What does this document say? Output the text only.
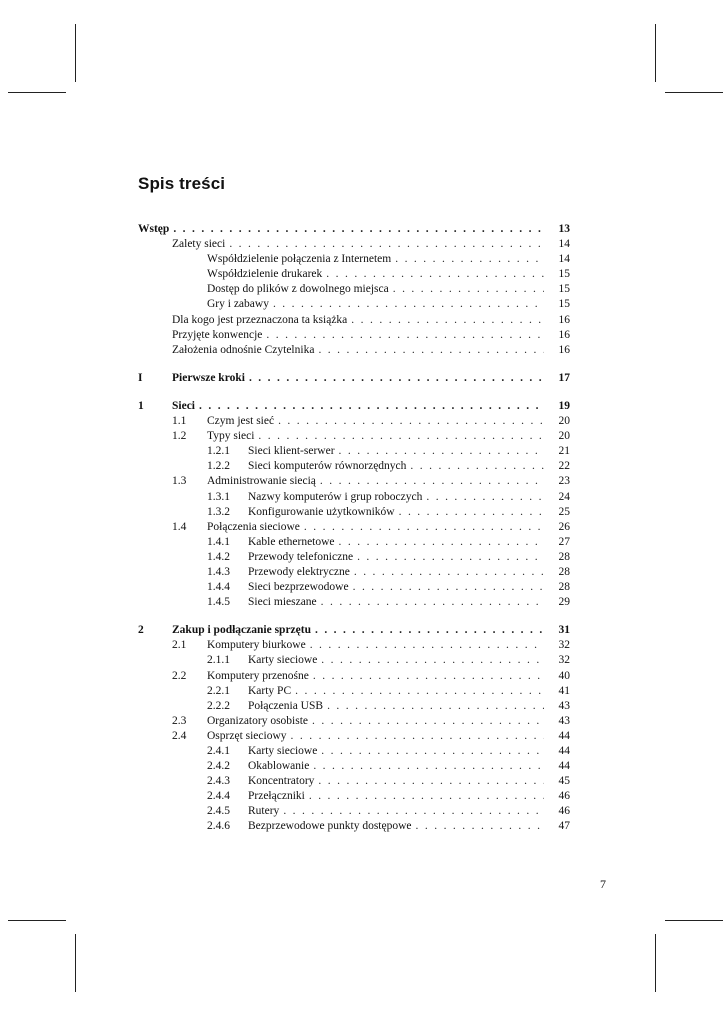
Spis treści
Wstęp . . .	13
Zalety sieci . . .	14
Współdzielenie połączenia z Internetem . . .	14
Współdzielenie drukarek . . .	15
Dostęp do plików z dowolnego miejsca . . .	15
Gry i zabawy . . .	15
Dla kogo jest przeznaczona ta książka . . .	16
Przyjęte konwencje . . .	16
Założenia odnośnie Czytelnika . . .	16
I	Pierwsze kroki . . .	17
1 Sieci . . .	19
1.1 Czym jest sieć . . .	20
1.2 Typy sieci . . .	20
1.2.1 Sieci klient-serwer . . .	21
1.2.2 Sieci komputerów równorzędnych . . .	22
1.3 Administrowanie siecią . . .	23
1.3.1 Nazwy komputerów i grup roboczych . . .	24
1.3.2 Konfigurowanie użytkowników . . .	25
1.4 Połączenia sieciowe . . .	26
1.4.1 Kable ethernetowe . . .	27
1.4.2 Przewody telefoniczne . . .	28
1.4.3 Przewody elektryczne . . .	28
1.4.4 Sieci bezprzewodowe . . .	28
1.4.5 Sieci mieszane . . .	29
2 Zakup i podłączanie sprzętu . . .	31
2.1 Komputery biurkowe . . .	32
2.1.1 Karty sieciowe . . .	32
2.2 Komputery przenośne . . .	40
2.2.1 Karty PC . . .	41
2.2.2 Połączenia USB . . .	43
2.3 Organizatory osobiste . . .	43
2.4 Osprzęt sieciowy . . .	44
2.4.1 Karty sieciowe . . .	44
2.4.2 Okablowanie . . .	44
2.4.3 Koncentratory . . .	45
2.4.4 Przełączniki . . .	46
2.4.5 Rutery . . .	46
2.4.6 Bezprzewodowe punkty dostępowe . . .	47
7
